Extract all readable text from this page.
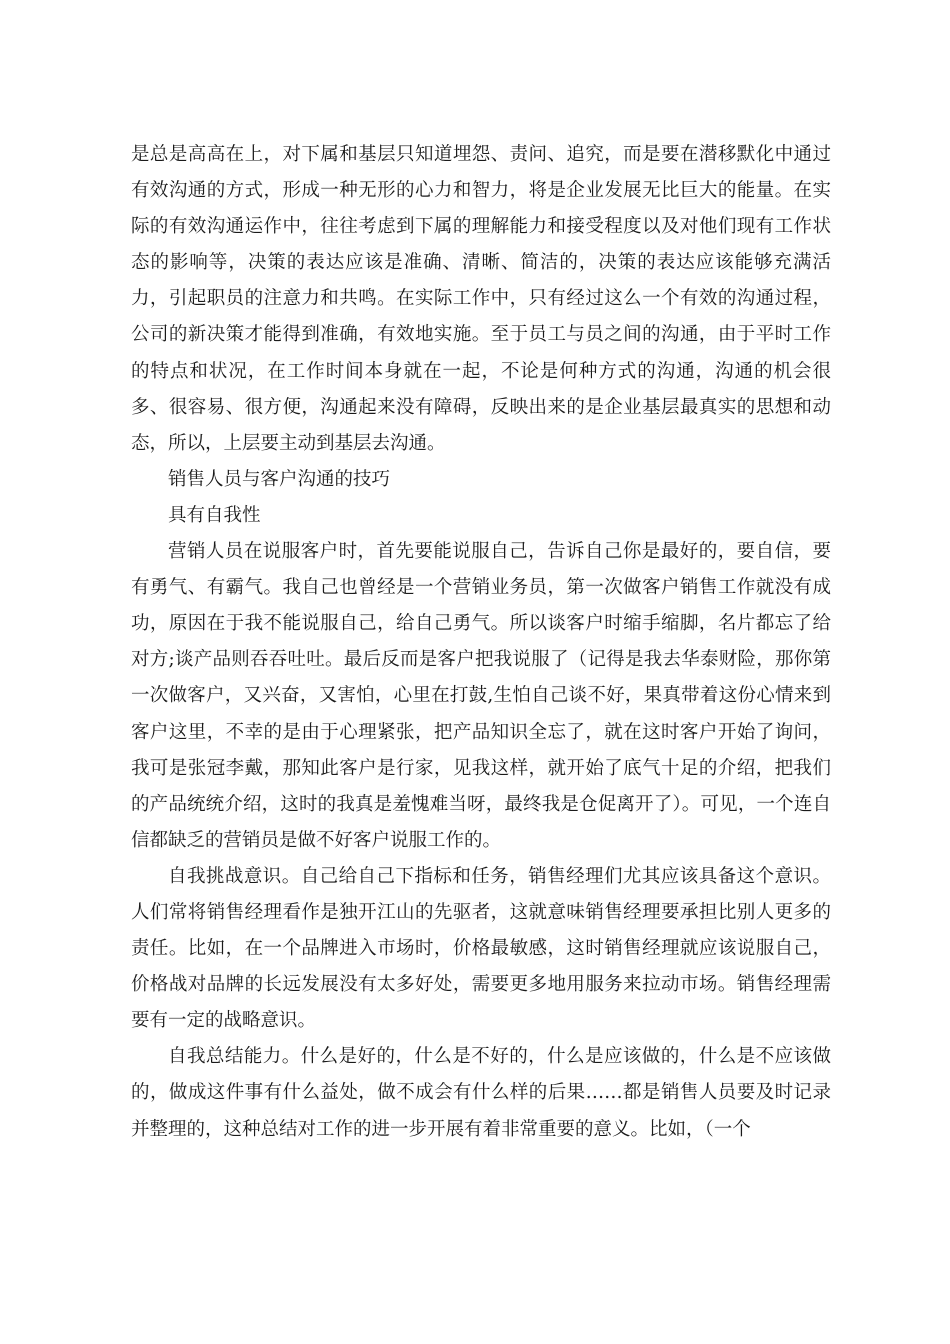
是总是高高在上，对下属和基层只知道埋怨、责问、追究，而是要在潜移默化中通过有效沟通的方式，形成一种无形的心力和智力，将是企业发展无比巨大的能量。在实际的有效沟通运作中，往往考虑到下属的理解能力和接受程度以及对他们现有工作状态的影响等，决策的表达应该是准确、清晰、简洁的，决策的表达应该能够充满活力，引起职员的注意力和共鸣。在实际工作中，只有经过这么一个有效的沟通过程，公司的新决策才能得到准确，有效地实施。至于员工与员之间的沟通，由于平时工作的特点和状况，在工作时间本身就在一起，不论是何种方式的沟通，沟通的机会很多、很容易、很方便，沟通起来没有障碍，反映出来的是企业基层最真实的思想和动态，所以，上层要主动到基层去沟通。

销售人员与客户沟通的技巧

具有自我性

营销人员在说服客户时，首先要能说服自己，告诉自己你是最好的，要自信，要有勇气、有霸气。我自己也曾经是一个营销业务员，第一次做客户销售工作就没有成功，原因在于我不能说服自己，给自己勇气。所以谈客户时缩手缩脚，名片都忘了给对方;谈产品则吞吞吐吐。最后反而是客户把我说服了（记得是我去华泰财险，那你第一次做客户，又兴奋，又害怕，心里在打鼓,生怕自己谈不好，果真带着这份心情来到客户这里，不幸的是由于心理紧张，把产品知识全忘了，就在这时客户开始了询问，我可是张冠李戴，那知此客户是行家，见我这样，就开始了底气十足的介绍，把我们的产品统统介绍，这时的我真是羞愧难当呀，最终我是仓促离开了）。可见，一个连自信都缺乏的营销员是做不好客户说服工作的。

自我挑战意识。自己给自己下指标和任务，销售经理们尤其应该具备这个意识。人们常将销售经理看作是独开江山的先驱者，这就意味销售经理要承担比别人更多的责任。比如，在一个品牌进入市场时，价格最敏感，这时销售经理就应该说服自己，价格战对品牌的长远发展没有太多好处，需要更多地用服务来拉动市场。销售经理需要有一定的战略意识。

自我总结能力。什么是好的，什么是不好的，什么是应该做的，什么是不应该做的，做成这件事有什么益处，做不成会有什么样的后果……都是销售人员要及时记录并整理的，这种总结对工作的进一步开展有着非常重要的意义。比如，（一个
